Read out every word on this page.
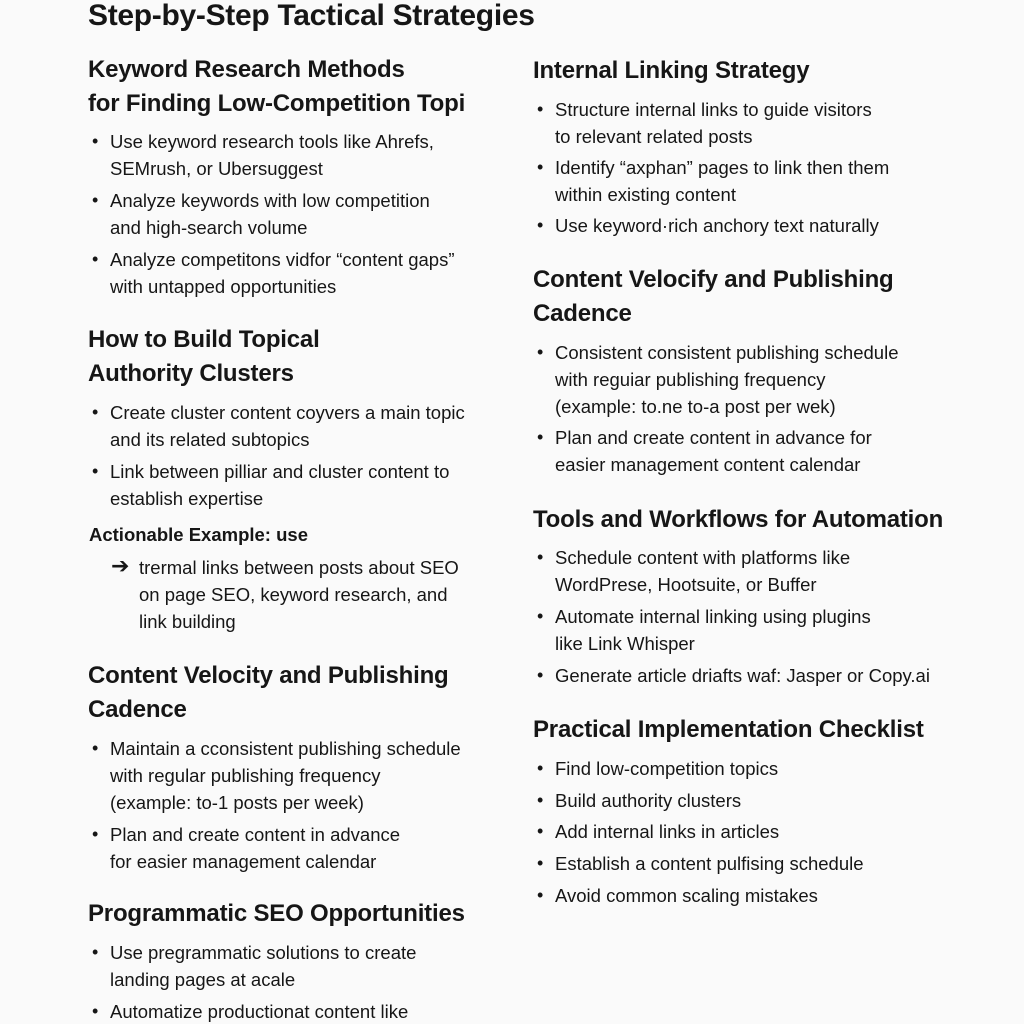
Step-by-Step Tactical Strategies
Keyword Research Methods
for Finding Low-Competition Topi
• Use keyword research tools like Ahrefs,
SEMrush, or Ubersuggest
• Analyze keywords with low competition
and high-search volume
• Analyze competitons vidfor “content gaps”
with untapped opportunities
How to Build Topical
Authority Clusters
• Create cluster content coyvers a main topic
and its related subtopics
• Link between pilliar and cluster content to
establish expertise
Actionable Example: use
➔ trermal links between posts about SEO
on page SEO, keyword research, and
link building
Content Velocity and Publishing
Cadence
• Maintain a cconsistent publishing schedule
with regular publishing frequency
(example: to-1 posts per week)
• Plan and create content in advance
for easier management calendar
Programmatic SEO Opportunities
• Use pregrammatic solutions to create
landing pages at acale
• Automatize productionat content like
Internal Linking Strategy
• Structure internal links to guide visitors
to relevant related posts
• Identify “axphan” pages to link then them
within existing content
• Use keyword·rich anchory text naturally
Content Velocify and Publishing
Cadence
• Consistent consistent publishing schedule
with reguiar publishing frequency
(example: to.ne to-a post per wek)
• Plan and create content in advance for
easier management content calendar
Tools and Workflows for Automation
• Schedule content with platforms like
WordPrese, Hootsuite, or Buffer
• Automate internal linking using plugins
like Link Whisper
• Generate article driafts waf: Jasper or Copy.ai
Practical Implementation Checklist
• Find low-competition topics
• Build authority clusters
• Add internal links in articles
• Establish a content pulfising schedule
• Avoid common scaling mistakes
